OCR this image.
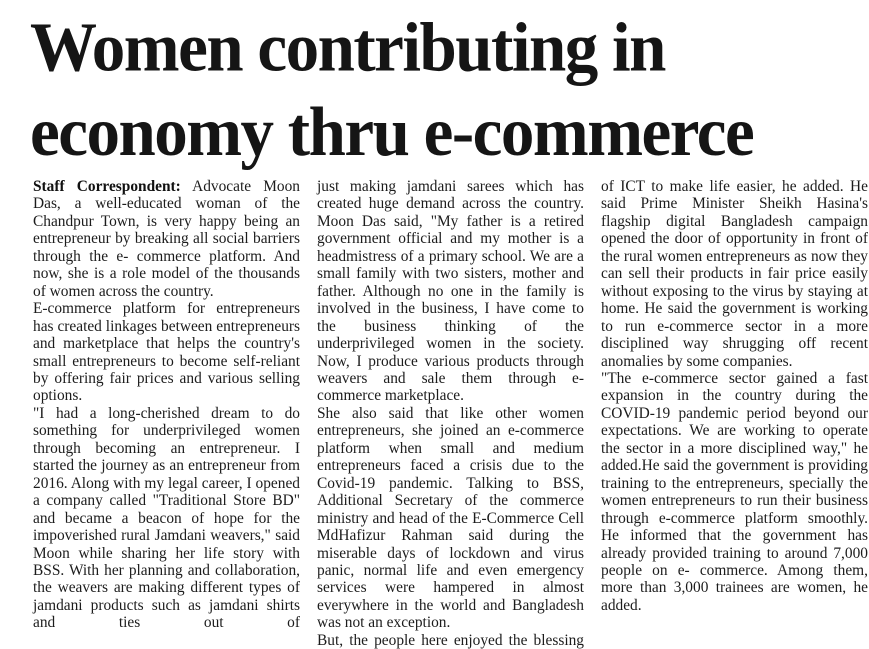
Women contributing in
economy thru e-commerce

Staff Correspondent: Advocate Moon Das, a well-educated woman of the Chandpur Town, is very happy being an entrepreneur by breaking all social barriers through the e- commerce platform. And now, she is a role model of the thousands of women across the country.

E-commerce platform for entrepreneurs has created linkages between entrepreneurs and marketplace that helps the country's small entrepreneurs to become self-reliant by offering fair prices and various selling options.

"I had a long-cherished dream to do something for underprivileged women through becoming an entrepreneur. I started the journey as an entrepreneur from 2016. Along with my legal career, I opened a company called "Traditional Store BD" and became a beacon of hope for the impoverished rural Jamdani weavers," said Moon while sharing her life story with BSS. With her planning and collaboration, the weavers are making different types of jamdani products such as jamdani shirts and ties out of

just making jamdani sarees which has created huge demand across the country. Moon Das said, "My father is a retired government official and my mother is a headmistress of a primary school. We are a small family with two sisters, mother and father. Although no one in the family is involved in the business, I have come to the business thinking of the underprivileged women in the society. Now, I produce various products through weavers and sale them through e-commerce marketplace.

She also said that like other women entrepreneurs, she joined an e-commerce platform when small and medium entrepreneurs faced a crisis due to the Covid-19 pandemic. Talking to BSS, Additional Secretary of the commerce ministry and head of the E-Commerce Cell MdHafizur Rahman said during the miserable days of lockdown and virus panic, normal life and even emergency services were hampered in almost everywhere in the world and Bangladesh was not an exception.

But, the people here enjoyed the blessing

of ICT to make life easier, he added. He said Prime Minister Sheikh Hasina's flagship digital Bangladesh campaign opened the door of opportunity in front of the rural women entrepreneurs as now they can sell their products in fair price easily without exposing to the virus by staying at home. He said the government is working to run e-commerce sector in a more disciplined way shrugging off recent anomalies by some companies.

"The e-commerce sector gained a fast expansion in the country during the COVID-19 pandemic period beyond our expectations. We are working to operate the sector in a more disciplined way," he added.He said the government is providing training to the entrepreneurs, specially the women entrepreneurs to run their business through e-commerce platform smoothly. He informed that the government has already provided training to around 7,000 people on e- commerce. Among them, more than 3,000 trainees are women, he added.
